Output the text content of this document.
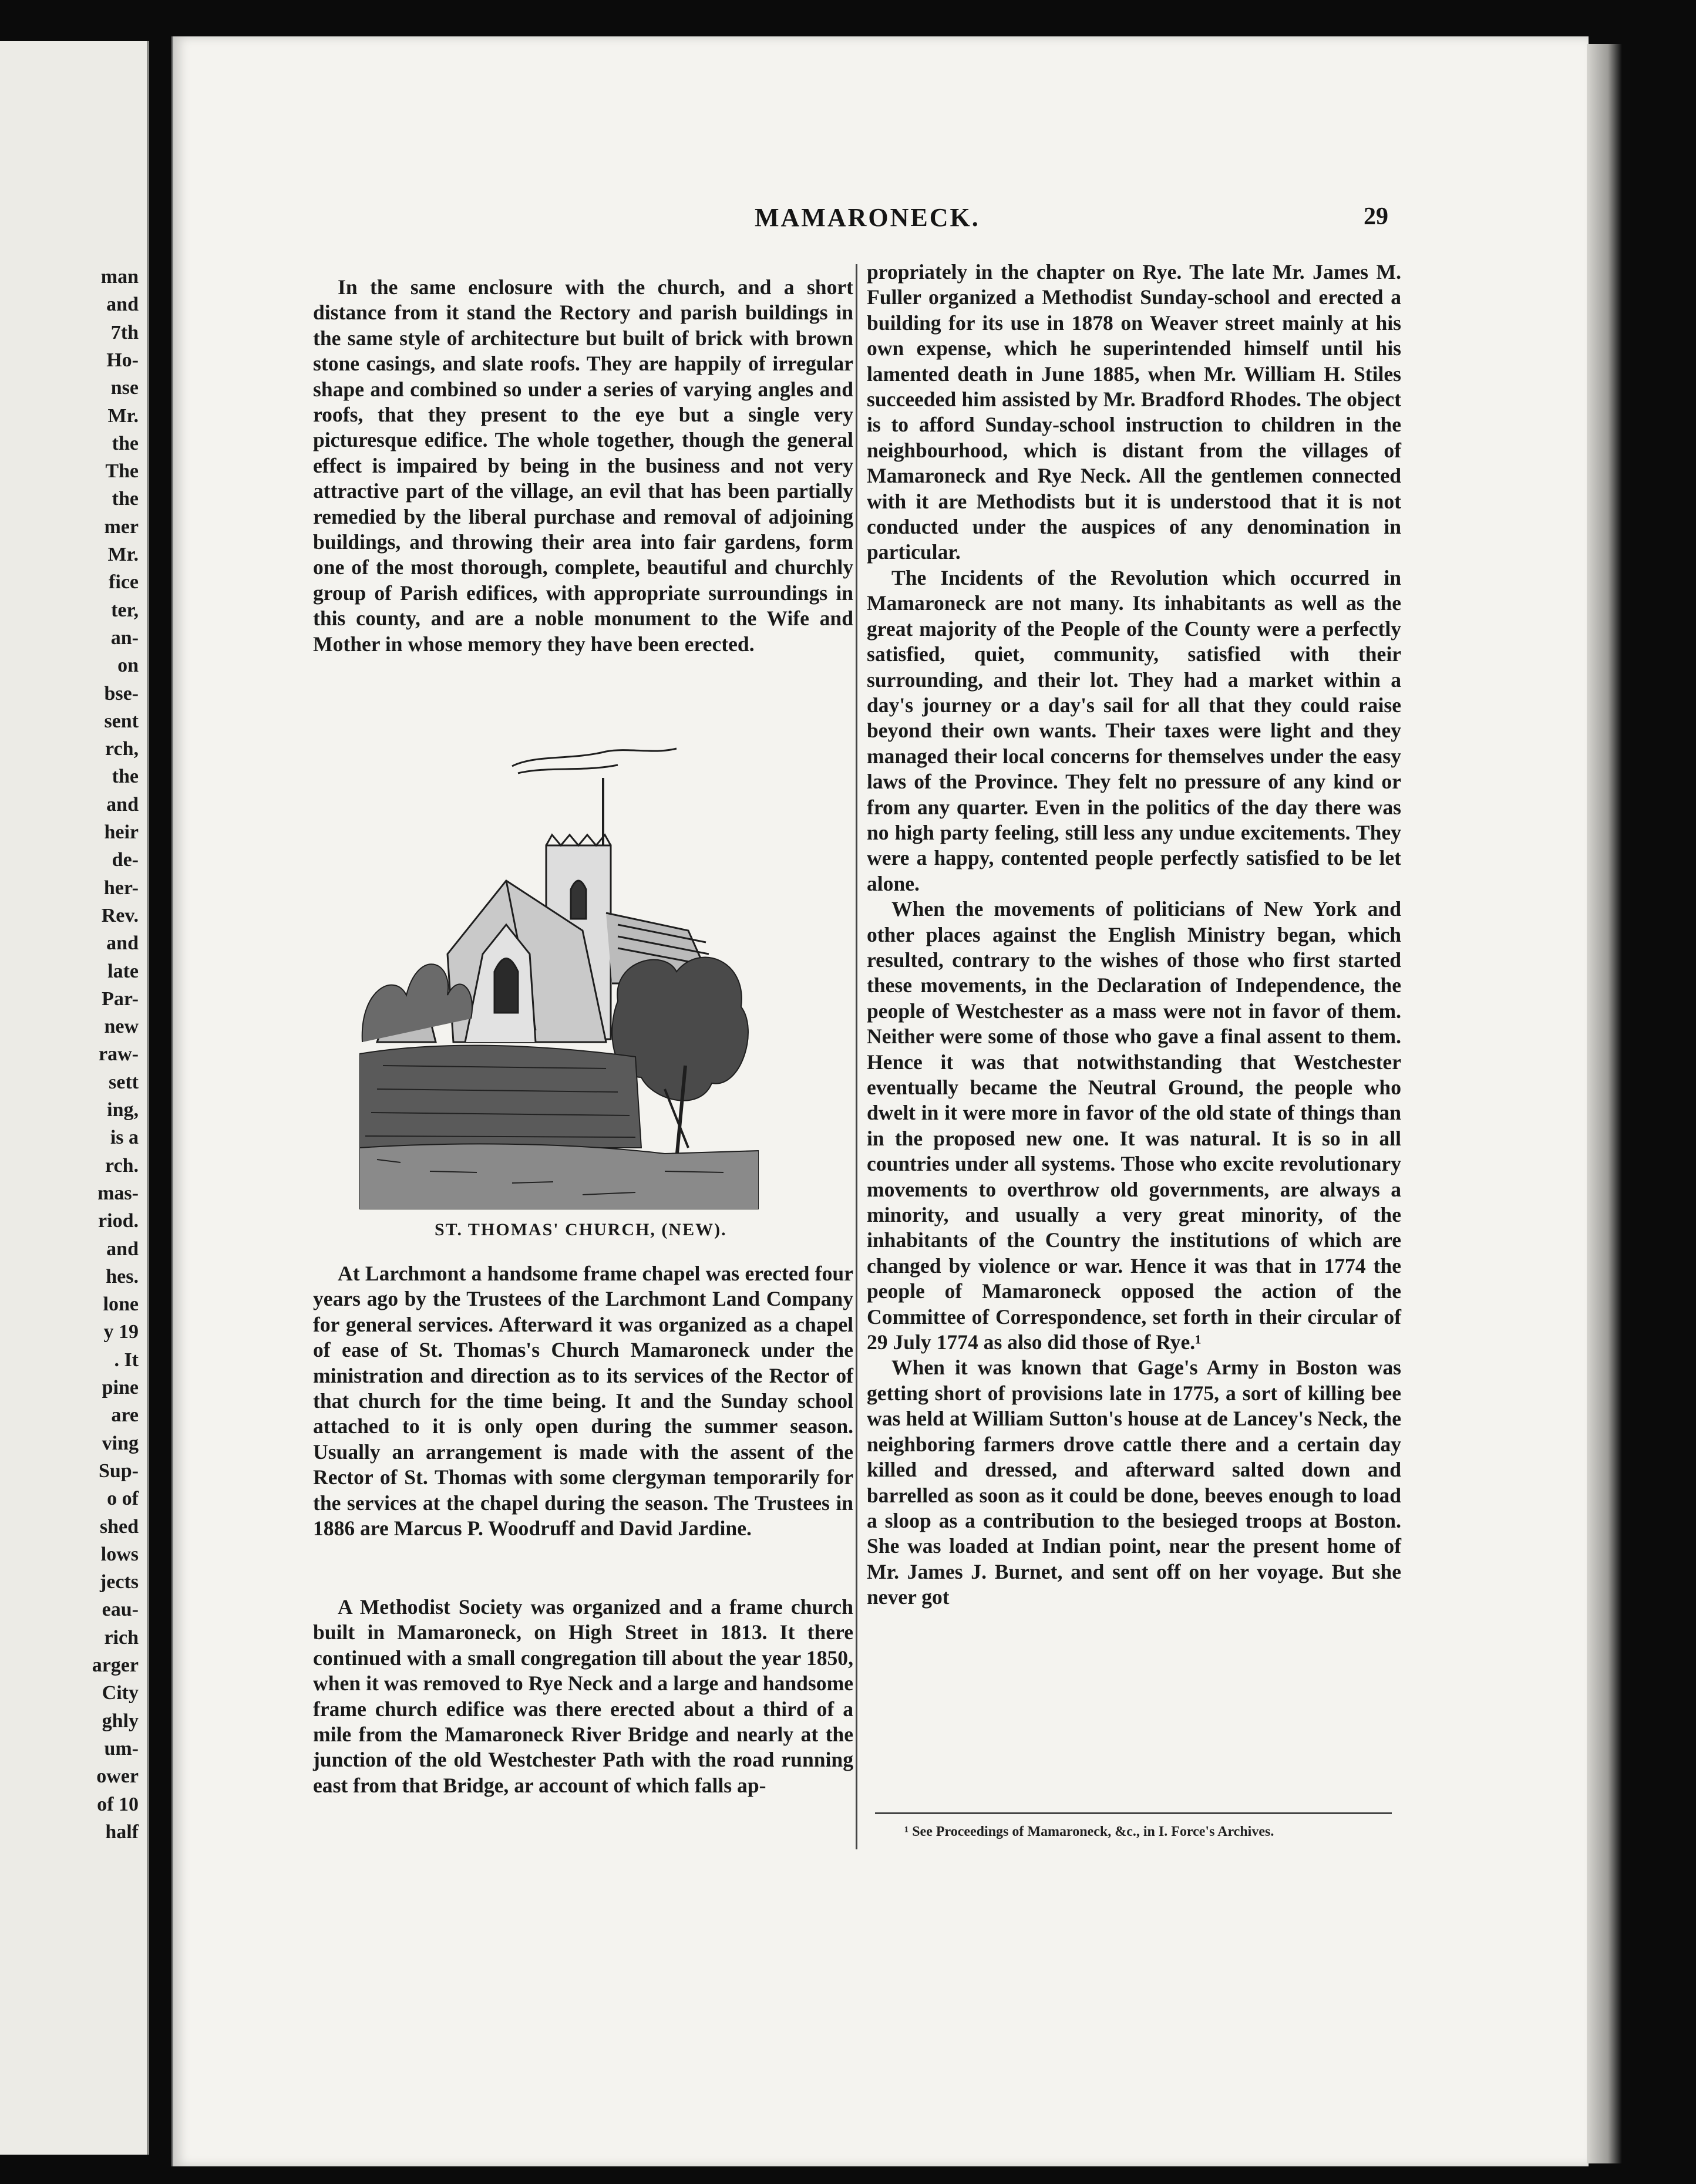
man
and
7th
Ho-
nse
Mr.
the
The
the
mer
Mr.
fice
ter,
an-
on
bse-
sent
rch,
the
and
heir
de-
her-
Rev.
and
late
Par-
new
raw-
sett
ing,
is a
rch.
mas-
riod.
and
hes.
lone
y 19
. It
pine
are
ving
Sup-
o of
shed
lows
jects
eau-
rich
arger
City
ghly
um-
ower
of 10
half
MAMARONECK.	29

In the same enclosure with the church, and a short distance from it stand the Rectory and parish buildings in the same style of architecture but built of brick with brown stone casings, and slate roofs. They are happily of irregular shape and combined so under a series of varying angles and roofs, that they present to the eye but a single very picturesque edifice. The whole together, though the general effect is impaired by being in the business and not very attractive part of the village, an evil that has been partially remedied by the liberal purchase and removal of adjoining buildings, and throwing their area into fair gardens, form one of the most thorough, complete, beautiful and churchly group of Parish edifices, with appropriate surroundings in this county, and are a noble monument to the Wife and Mother in whose memory they have been erected.

At Larchmont a handsome frame chapel was erected four years ago by the Trustees of the Larchmont Land Company for general services. Afterward it was organized as a chapel of ease of St. Thomas's Church Mamaroneck under the ministration and direction as to its services of the Rector of that church for the time being. It and the Sunday school attached to it is only open during the summer season. Usually an arrangement is made with the assent of the Rector of St. Thomas with some clergyman temporarily for the services at the chapel during the season. The Trustees in 1886 are Marcus P. Woodruff and David Jardine.

A Methodist Society was organized and a frame church built in Mamaroneck, on High Street in 1813. It there continued with a small congregation till about the year 1850, when it was removed to Rye Neck and a large and handsome frame church edifice was there erected about a third of a mile from the Mamaroneck River Bridge and nearly at the junction of the old Westchester Path with the road running east from that Bridge, ar account of which falls ap-

propriately in the chapter on Rye. The late Mr. James M. Fuller organized a Methodist Sunday-school and erected a building for its use in 1878 on Weaver street mainly at his own expense, which he superintended himself until his lamented death in June 1885, when Mr. William H. Stiles succeeded him assisted by Mr. Bradford Rhodes. The object is to afford Sunday-school instruction to children in the neighbourhood, which is distant from the villages of Mamaroneck and Rye Neck. All the gentlemen connected with it are Methodists but it is understood that it is not conducted under the auspices of any denomination in particular.

The Incidents of the Revolution which occurred in Mamaroneck are not many. Its inhabitants as well as the great majority of the People of the County were a perfectly satisfied, quiet, community, satisfied with their surrounding, and their lot. They had a market within a day's journey or a day's sail for all that they could raise beyond their own wants. Their taxes were light and they managed their local concerns for themselves under the easy laws of the Province. They felt no pressure of any kind or from any quarter. Even in the politics of the day there was no high party feeling, still less any undue excitements. They were a happy, contented people perfectly satisfied to be let alone.

When the movements of politicians of New York and other places against the English Ministry began, which resulted, contrary to the wishes of those who first started these movements, in the Declaration of Independence, the people of Westchester as a mass were not in favor of them. Neither were some of those who gave a final assent to them. Hence it was that notwithstanding that Westchester eventually became the Neutral Ground, the people who dwelt in it were more in favor of the old state of things than in the proposed new one. It was natural. It is so in all countries under all systems. Those who excite revolutionary movements to overthrow old governments, are always a minority, and usually a very great minority, of the inhabitants of the Country the institutions of which are changed by violence or war. Hence it was that in 1774 the people of Mamaroneck opposed the action of the Committee of Correspondence, set forth in their circular of 29 July 1774 as also did those of Rye.¹

When it was known that Gage's Army in Boston was getting short of provisions late in 1775, a sort of killing bee was held at William Sutton's house at de Lancey's Neck, the neighboring farmers drove cattle there and a certain day killed and dressed, and afterward salted down and barrelled as soon as it could be done, beeves enough to load a sloop as a contribution to the besieged troops at Boston. She was loaded at Indian point, near the present home of Mr. James J. Burnet, and sent off on her voyage. But she never got

ST. THOMAS' CHURCH, (NEW).
¹ See Proceedings of Mamaroneck, &c., in I. Force's Archives.
